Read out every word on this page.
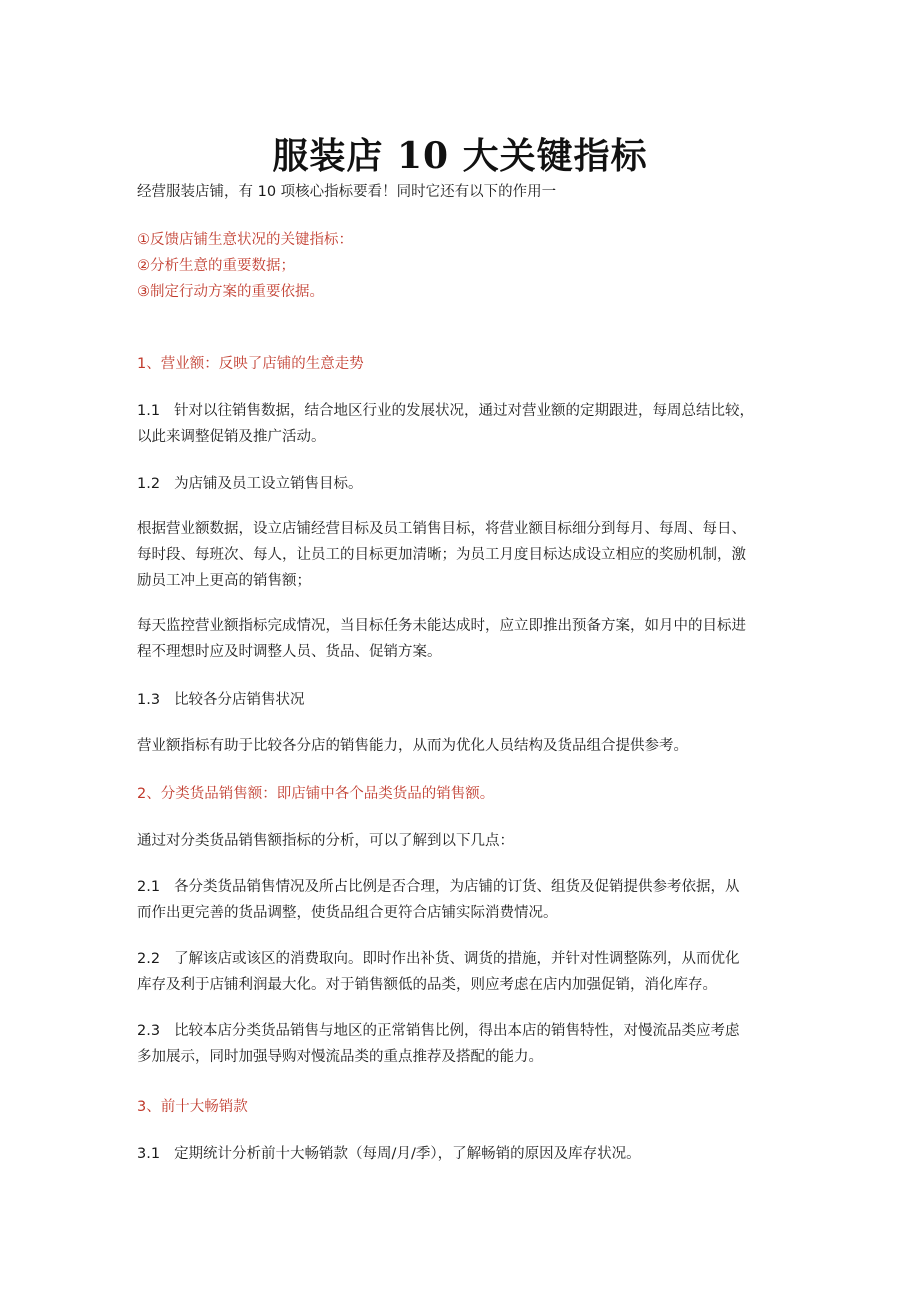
服装店 10 大关键指标

经营服装店铺，有 10 项核心指标要看！同时它还有以下的作用一

①反馈店铺生意状况的关键指标：
②分析生意的重要数据；
③制定行动方案的重要依据。

1、营业额：反映了店铺的生意走势

1.1 针对以往销售数据，结合地区行业的发展状况，通过对营业额的定期跟进，每周总结比较，
以此来调整促销及推广活动。

1.2 为店铺及员工设立销售目标。

根据营业额数据，设立店铺经营目标及员工销售目标，将营业额目标细分到每月、每周、每日、
每时段、每班次、每人，让员工的目标更加清晰；为员工月度目标达成设立相应的奖励机制，激
励员工冲上更高的销售额；
每天监控营业额指标完成情况，当目标任务未能达成时，应立即推出预备方案，如月中的目标进
程不理想时应及时调整人员、货品、促销方案。

1.3 比较各分店销售状况

营业额指标有助于比较各分店的销售能力，从而为优化人员结构及货品组合提供参考。

2、分类货品销售额：即店铺中各个品类货品的销售额。

通过对分类货品销售额指标的分析，可以了解到以下几点：

2.1 各分类货品销售情况及所占比例是否合理，为店铺的订货、组货及促销提供参考依据，从
而作出更完善的货品调整，使货品组合更符合店铺实际消费情况。
2.2 了解该店或该区的消费取向。即时作出补货、调货的措施，并针对性调整陈列，从而优化
库存及利于店铺利润最大化。对于销售额低的品类，则应考虑在店内加强促销，消化库存。
2.3 比较本店分类货品销售与地区的正常销售比例，得出本店的销售特性，对慢流品类应考虑
多加展示，同时加强导购对慢流品类的重点推荐及搭配的能力。

3、前十大畅销款

3.1 定期统计分析前十大畅销款（每周/月/季），了解畅销的原因及库存状况。
